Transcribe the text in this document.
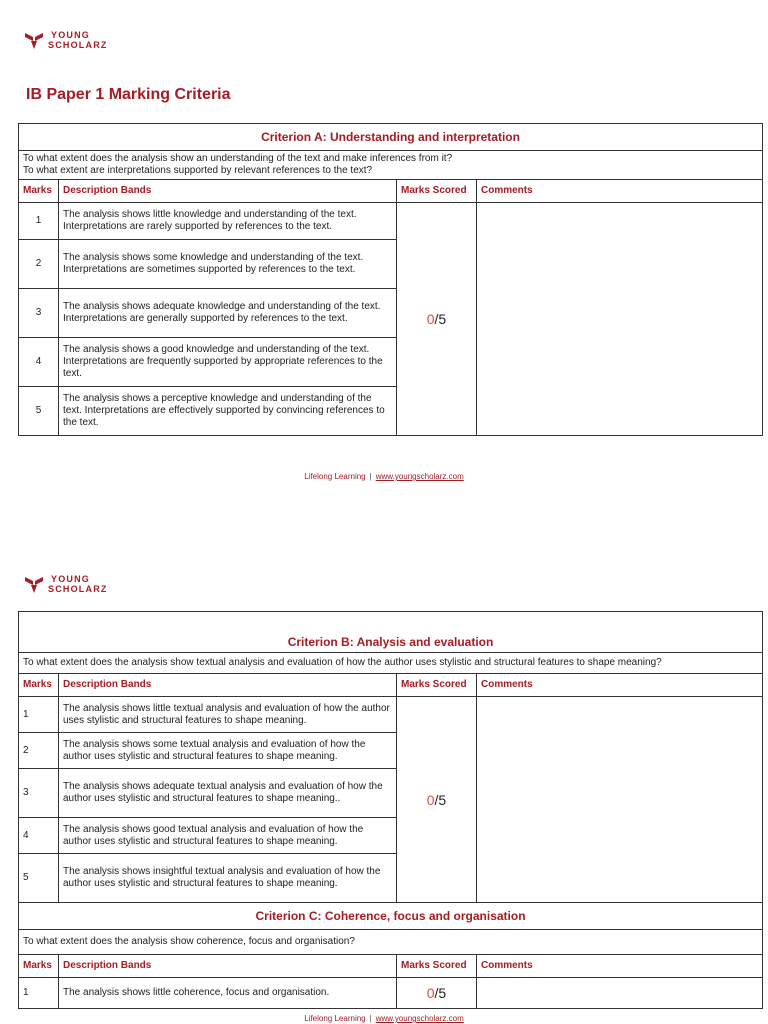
YOUNG
SCHOLARZ
IB Paper 1 Marking Criteria
Criterion A: Understanding and interpretation			

To what extent does the analysis show an understanding of the text and make inferences from it?
To what extent are interpretations supported by relevant references to the text?			

Marks	Description Bands	Marks Scored	Comments
1	The analysis shows little knowledge and understanding of the text. Interpretations are rarely supported by references to the text.	0/5	
2	The analysis shows some knowledge and understanding of the text. Interpretations are sometimes supported by references to the text.		
3	The analysis shows adequate knowledge and understanding of the text. Interpretations are generally supported by references to the text.		
4	The analysis shows a good knowledge and understanding of the text. Interpretations are frequently supported by appropriate references to the text.		
5	The analysis shows a perceptive knowledge and understanding of the text. Interpretations are effectively supported by convincing references to the text.		
Lifelong Learning | www.youngscholarz.com
YOUNG
SCHOLARZ
Criterion B: Analysis and evaluation			
To what extent does the analysis show textual analysis and evaluation of how the author uses stylistic and structural features to shape meaning?			
Marks	Description Bands	Marks Scored	Comments
1	The analysis shows little textual analysis and evaluation of how the author uses stylistic and structural features to shape meaning.	0/5	
2	The analysis shows some textual analysis and evaluation of how the author uses stylistic and structural features to shape meaning.		
3	The analysis shows adequate textual analysis and evaluation of how the author uses stylistic and structural features to shape meaning..		
4	The analysis shows good textual analysis and evaluation of how the author uses stylistic and structural features to shape meaning.		
5	The analysis shows insightful textual analysis and evaluation of how the author uses stylistic and structural features to shape meaning.		
Criterion C: Coherence, focus and organisation			
To what extent does the analysis show coherence, focus and organisation?			
Marks	Description Bands	Marks Scored	Comments
1	The analysis shows little coherence, focus and organisation.	0/5	
Lifelong Learning | www.youngscholarz.com
